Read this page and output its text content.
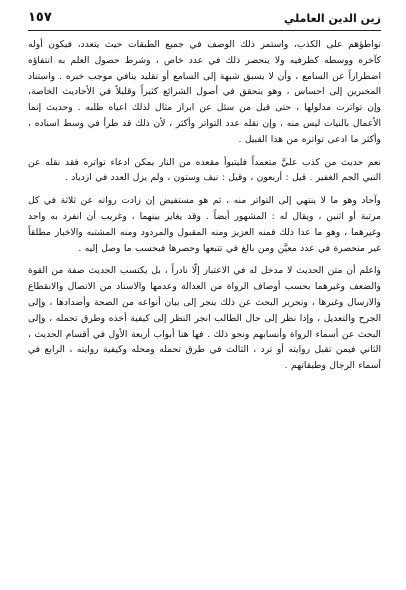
زين الدين العاملي
١٥٧

تواطؤهم على الكذب، واستمر ذلك الوصف في جميع الطبقات حيث يتعدد، فيكون أوله كآخره ووسطه كطرفيه ولا ينحصر ذلك في عدد خاص ، وشرط حصول العلم به انتفاؤه اضطراراً عن السامع ، وأن لا يسبق شبهة إلى السامع أو تقليد ينافي موجب خبره . واستناد المخبرين إلى احساس ، وهو يتحقق في أصول الشرائع كثيراً وقليلاً في الأحاديث الخاصة، وإن تواترت مدلولها ، حتى قيل من سئل عن ابراز مثال لذلك اعياه طلبه . وحديث إنما الأعمال بالنيات ليس منه ، وإن نقله عدد التواتر وأكثر ، لأن ذلك قد طرأ في وسط اسناده ، وأكثر ما ادعى تواتره من هذا القبيل .

نعم حديث من كذب عليَّ متعمداً فليتبوأ مقعده من النار يمكن ادعاء تواتره فقد نقله عن النبي الجم الغفير . قيل : أربعون ، وقيل : نيف وستون ، ولم يزل العدد في ازدياد .

وآحاد وهو ما لا ينتهي إلى التواتر منه ، ثم هو مستفيض إن زادت رواته عن ثلاثة في كل مرتبة أو اثنين ، ويقال له : المشهور أيضاً . وقد يغاير بينهما ، وغريب أن انفرد به واحد وغيرهما ، وهو ما عدا ذلك فمنه العزيز ومنه المقبول والمردود ومنه المشتبه والاخبار مطلقاً غير منحصرة في عدد معيَّن ومن بالغ في تتبعها وحصرها فبحسب ما وصل إليه .

واعلم أن متن الحديث لا مدخل له في الاعتبار إلّا نادراً ، بل يكتسب الحديث صفة من القوة والضعف وغيرهما بحسب أوصاف الرواة من العدالة وعدمها والاسناد من الاتصال والانقطاع والارسال وغيرها ، وتحرير البحث عن ذلك ينجر إلى بيان أنواعه من الصحة وأضدادها ، وإلى الجرح والتعديل ، وإذا نظر إلى حال الطالب انجر النظر إلى كيفية أخذه وطرق تحمله ، وإلى البحث عن أسماء الرواة وأنسابهم ونحو ذلك . فها هنا أبواب أربعة الأول في أقسام الحديث ، الثاني فيمن تقبل روايته أو ترد ، الثالث في طرق تحمله ومحله وكيفية روايته ، الرابع في أسماء الرجال وطبقاتهم .
